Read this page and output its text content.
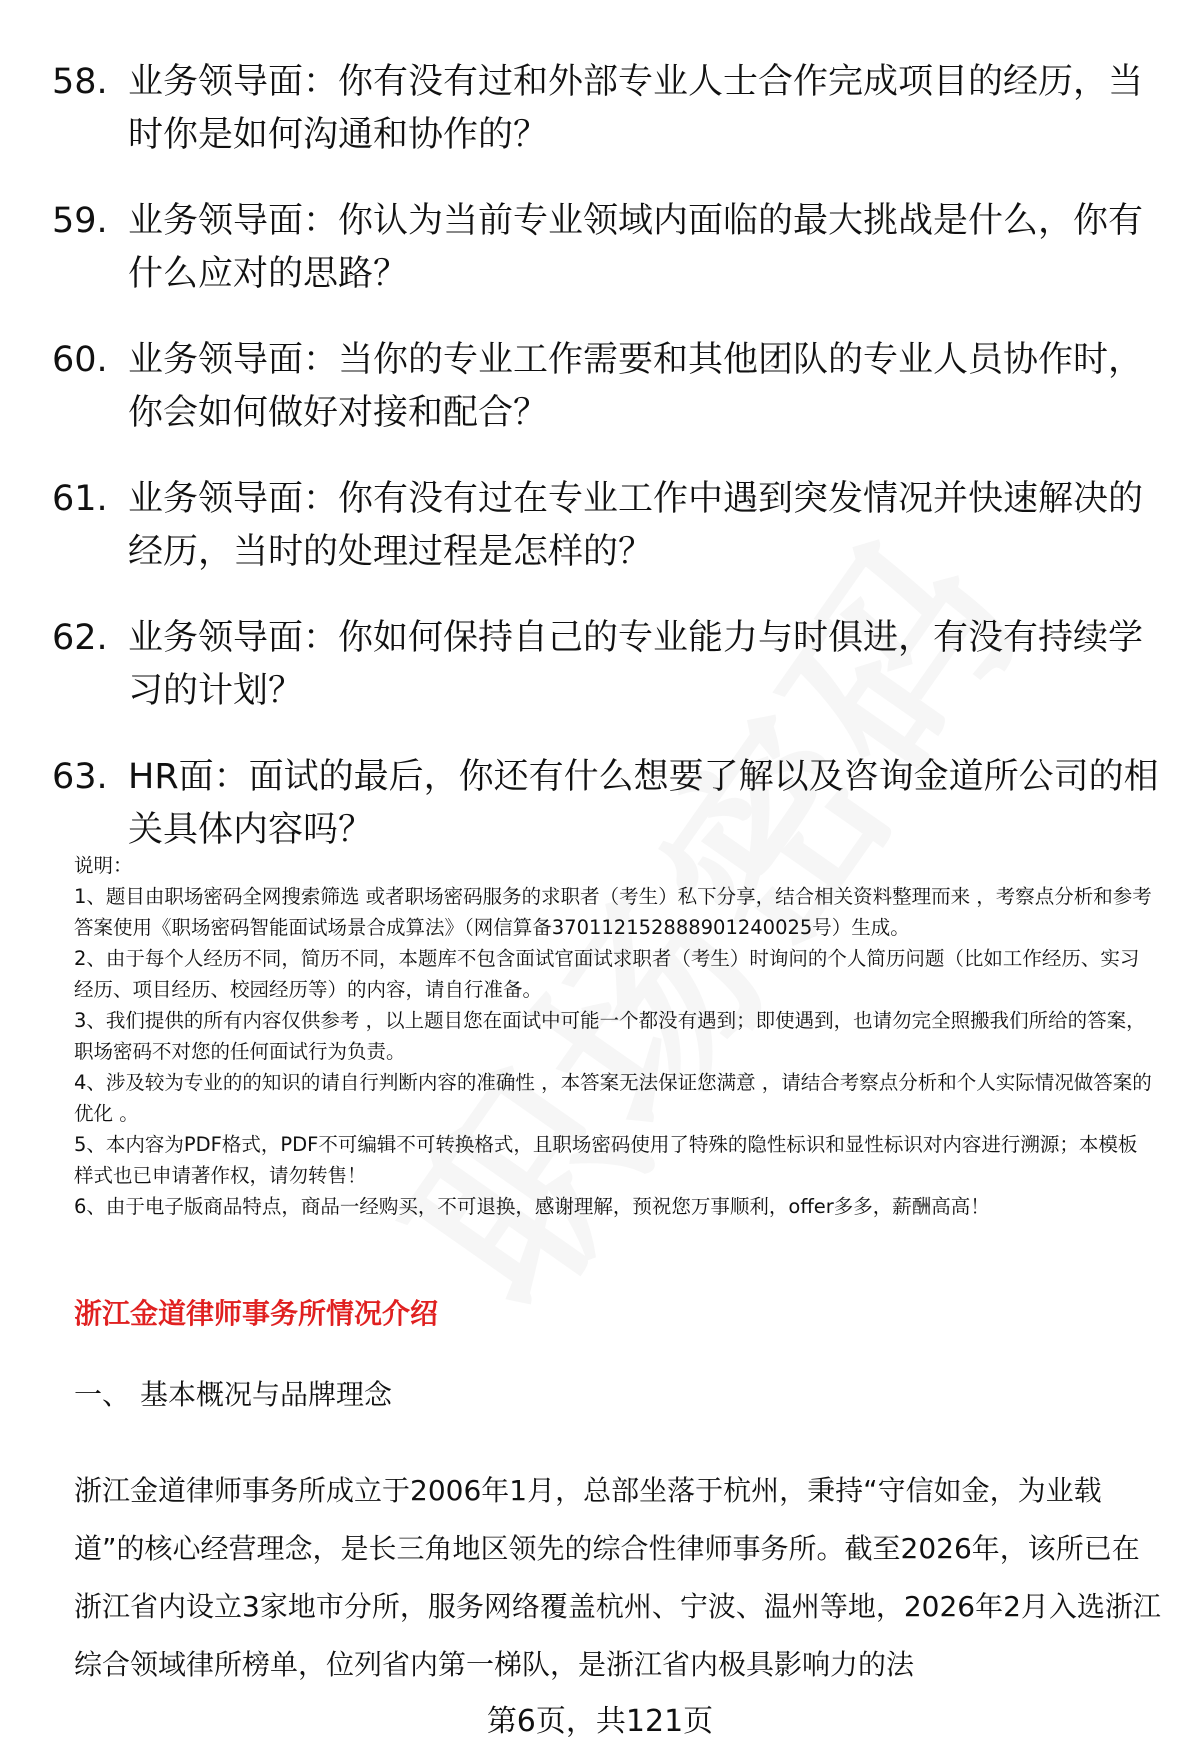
58. 业务领导面：你有没有过和外部专业人士合作完成项目的经历，当时你是如何沟通和协作的？
59. 业务领导面：你认为当前专业领域内面临的最大挑战是什么，你有什么应对的思路？
60. 业务领导面：当你的专业工作需要和其他团队的专业人员协作时，你会如何做好对接和配合？
61. 业务领导面：你有没有过在专业工作中遇到突发情况并快速解决的经历，当时的处理过程是怎样的？
62. 业务领导面：你如何保持自己的专业能力与时俱进，有没有持续学习的计划？
63. HR面：面试的最后，你还有什么想要了解以及咨询金道所公司的相关具体内容吗？

说明：

1、题目由职场密码全网搜索筛选 或者职场密码服务的求职者（考生）私下分享，结合相关资料整理而来 ，考察点分析和参考答案使用《职场密码智能面试场景合成算法》（网信算备370112152888901240025号）生成。

2、由于每个人经历不同，简历不同，本题库不包含面试官面试求职者（考生）时询问的个人简历问题（比如工作经历、实习经历、项目经历、校园经历等）的内容，请自行准备。

3、我们提供的所有内容仅供参考 ，以上题目您在面试中可能一个都没有遇到；即使遇到，也请勿完全照搬我们所给的答案，职场密码不对您的任何面试行为负责。

4、涉及较为专业的的知识的请自行判断内容的准确性 ，本答案无法保证您满意 ，请结合考察点分析和个人实际情况做答案的优化 。

5、本内容为PDF格式，PDF不可编辑不可转换格式，且职场密码使用了特殊的隐性标识和显性标识对内容进行溯源；本模板样式也已申请著作权，请勿转售！

6、由于电子版商品特点，商品一经购买，不可退换，感谢理解，预祝您万事顺利，offer多多，薪酬高高！

浙江金道律师事务所情况介绍
一、 基本概况与品牌理念

浙江金道律师事务所成立于2006年1月，总部坐落于杭州，秉持“守信如金，为业载道”的核心经营理念，是长三角地区领先的综合性律师事务所。截至2026年，该所已在浙江省内设立3家地市分所，服务网络覆盖杭州、宁波、温州等地，2026年2月入选浙江综合领域律所榜单，位列省内第一梯队，是浙江省内极具影响力的法

第6页，共121页
